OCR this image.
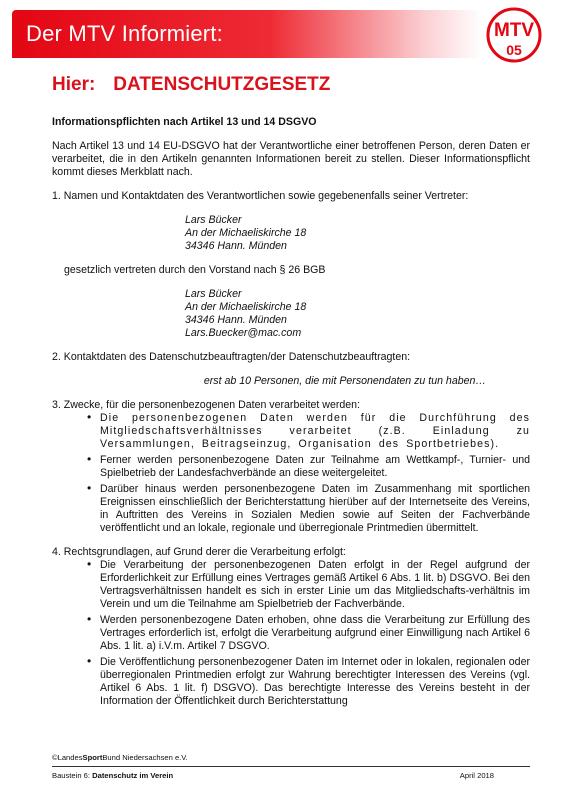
Der MTV Informiert:	MTV
05
Hier: DATENSCHUTZGESETZ

Informationspflichten nach Artikel 13 und 14 DSGVO

Nach Artikel 13 und 14 EU-DSGVO hat der Verantwortliche einer betroffenen Person, deren Daten er verarbeitet, die in den Artikeln genannten Informationen bereit zu stellen. Dieser Informationspflicht kommt dieses Merkblatt nach.

1. Namen und Kontaktdaten des Verantwortlichen sowie gegebenenfalls seiner Vertreter:

Lars Bücker
An der Michaeliskirche 18
34346 Hann. Münden

gesetzlich vertreten durch den Vorstand nach § 26 BGB

Lars Bücker
An der Michaeliskirche 18
34346 Hann. Münden
Lars.Buecker@mac.com

2. Kontaktdaten des Datenschutzbeauftragten/der Datenschutzbeauftragten:

erst ab 10 Personen, die mit Personendaten zu tun haben…

3. Zwecke, für die personenbezogenen Daten verarbeitet werden:

• Die personenbezogenen Daten werden für die Durchführung des Mitgliedschaftsverhältnisses verarbeitet (z.B. Einladung zu Versammlungen, Beitragseinzug, Organisation des Sportbetriebes).
• Ferner werden personenbezogene Daten zur Teilnahme am Wettkampf-, Turnier- und Spielbetrieb der Landesfachverbände an diese weitergeleitet.
• Darüber hinaus werden personenbezogene Daten im Zusammenhang mit sportlichen Ereignissen einschließlich der Berichterstattung hierüber auf der Internetseite des Vereins, in Auftritten des Vereins in Sozialen Medien sowie auf Seiten der Fachverbände veröffentlicht und an lokale, regionale und überregionale Printmedien übermittelt.

4. Rechtsgrundlagen, auf Grund derer die Verarbeitung erfolgt:

• Die Verarbeitung der personenbezogenen Daten erfolgt in der Regel aufgrund der Erforderlichkeit zur Erfüllung eines Vertrages gemäß Artikel 6 Abs. 1 lit. b) DSGVO. Bei den Vertragsverhältnissen handelt es sich in erster Linie um das Mitgliedschafts-verhältnis im Verein und um die Teilnahme am Spielbetrieb der Fachverbände.
• Werden personenbezogene Daten erhoben, ohne dass die Verarbeitung zur Erfüllung des Vertrages erforderlich ist, erfolgt die Verarbeitung aufgrund einer Einwilligung nach Artikel 6 Abs. 1 lit. a) i.V.m. Artikel 7 DSGVO.
• Die Veröffentlichung personenbezogener Daten im Internet oder in lokalen, regionalen oder überregionalen Printmedien erfolgt zur Wahrung berechtigter Interessen des Vereins (vgl. Artikel 6 Abs. 1 lit. f) DSGVO). Das berechtigte Interesse des Vereins besteht in der Information der Öffentlichkeit durch Berichterstattung
©LandesSportBund Niedersachsen e.V.
Baustein 6: Datenschutz im Verein	April 2018
